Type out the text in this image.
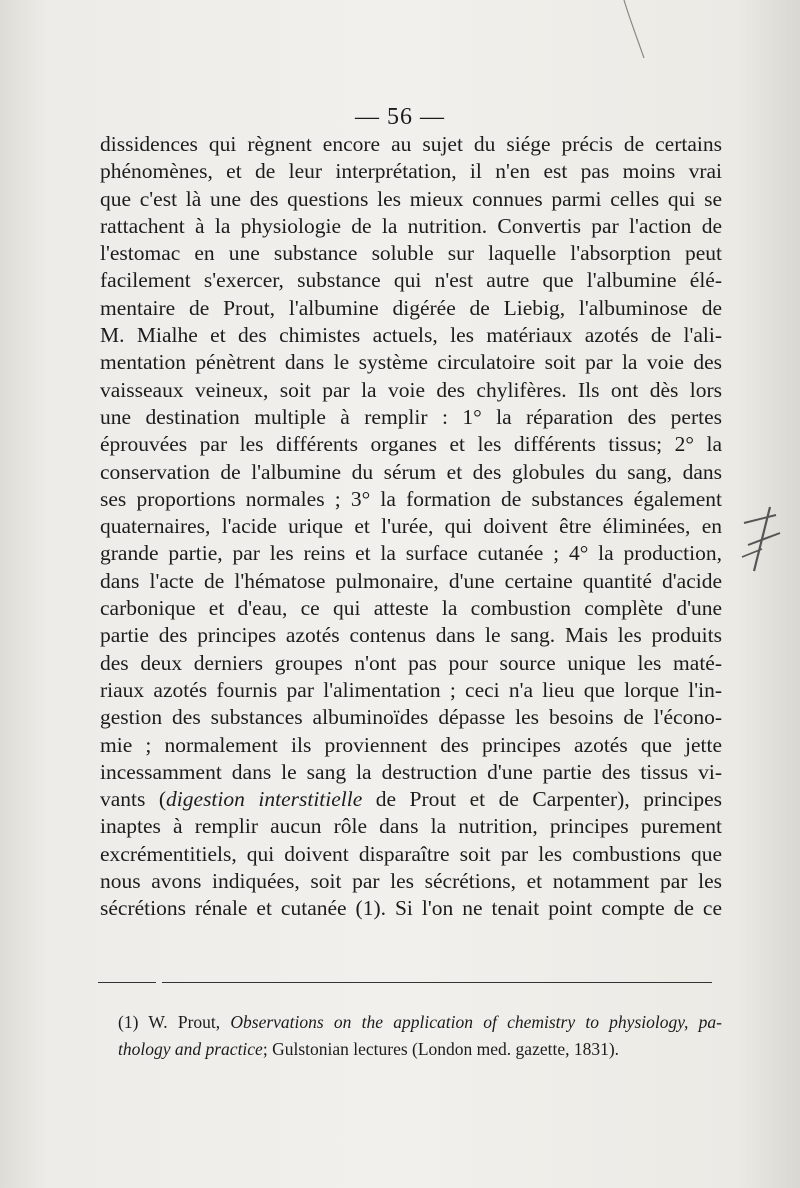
— 56 —
dissidences qui règnent encore au sujet du siége précis de certains
phénomènes, et de leur interprétation, il n'en est pas moins vrai
que c'est là une des questions les mieux connues parmi celles qui se
rattachent à la physiologie de la nutrition. Convertis par l'action de
l'estomac en une substance soluble sur laquelle l'absorption peut
facilement s'exercer, substance qui n'est autre que l'albumine élé-
mentaire de Prout, l'albumine digérée de Liebig, l'albuminose de
M. Mialhe et des chimistes actuels, les matériaux azotés de l'ali-
mentation pénètrent dans le système circulatoire soit par la voie des
vaisseaux veineux, soit par la voie des chylifères. Ils ont dès lors
une destination multiple à remplir : 1° la réparation des pertes
éprouvées par les différents organes et les différents tissus; 2° la
conservation de l'albumine du sérum et des globules du sang, dans
ses proportions normales ; 3° la formation de substances également
quaternaires, l'acide urique et l'urée, qui doivent être éliminées, en
grande partie, par les reins et la surface cutanée ; 4° la production,
dans l'acte de l'hématose pulmonaire, d'une certaine quantité d'acide
carbonique et d'eau, ce qui atteste la combustion complète d'une
partie des principes azotés contenus dans le sang. Mais les produits
des deux derniers groupes n'ont pas pour source unique les maté-
riaux azotés fournis par l'alimentation ; ceci n'a lieu que lorque l'in-
gestion des substances albuminoïdes dépasse les besoins de l'écono-
mie ; normalement ils proviennent des principes azotés que jette
incessamment dans le sang la destruction d'une partie des tissus vi-
vants (digestion interstitielle de Prout et de Carpenter), principes
inaptes à remplir aucun rôle dans la nutrition, principes purement
excrémentitiels, qui doivent disparaître soit par les combustions que
nous avons indiquées, soit par les sécrétions, et notamment par les
sécrétions rénale et cutanée (1). Si l'on ne tenait point compte de ce
(1) W. Prout, Observations on the application of chemistry to physiology, pa-
thology and practice; Gulstonian lectures (London med. gazette, 1831).
